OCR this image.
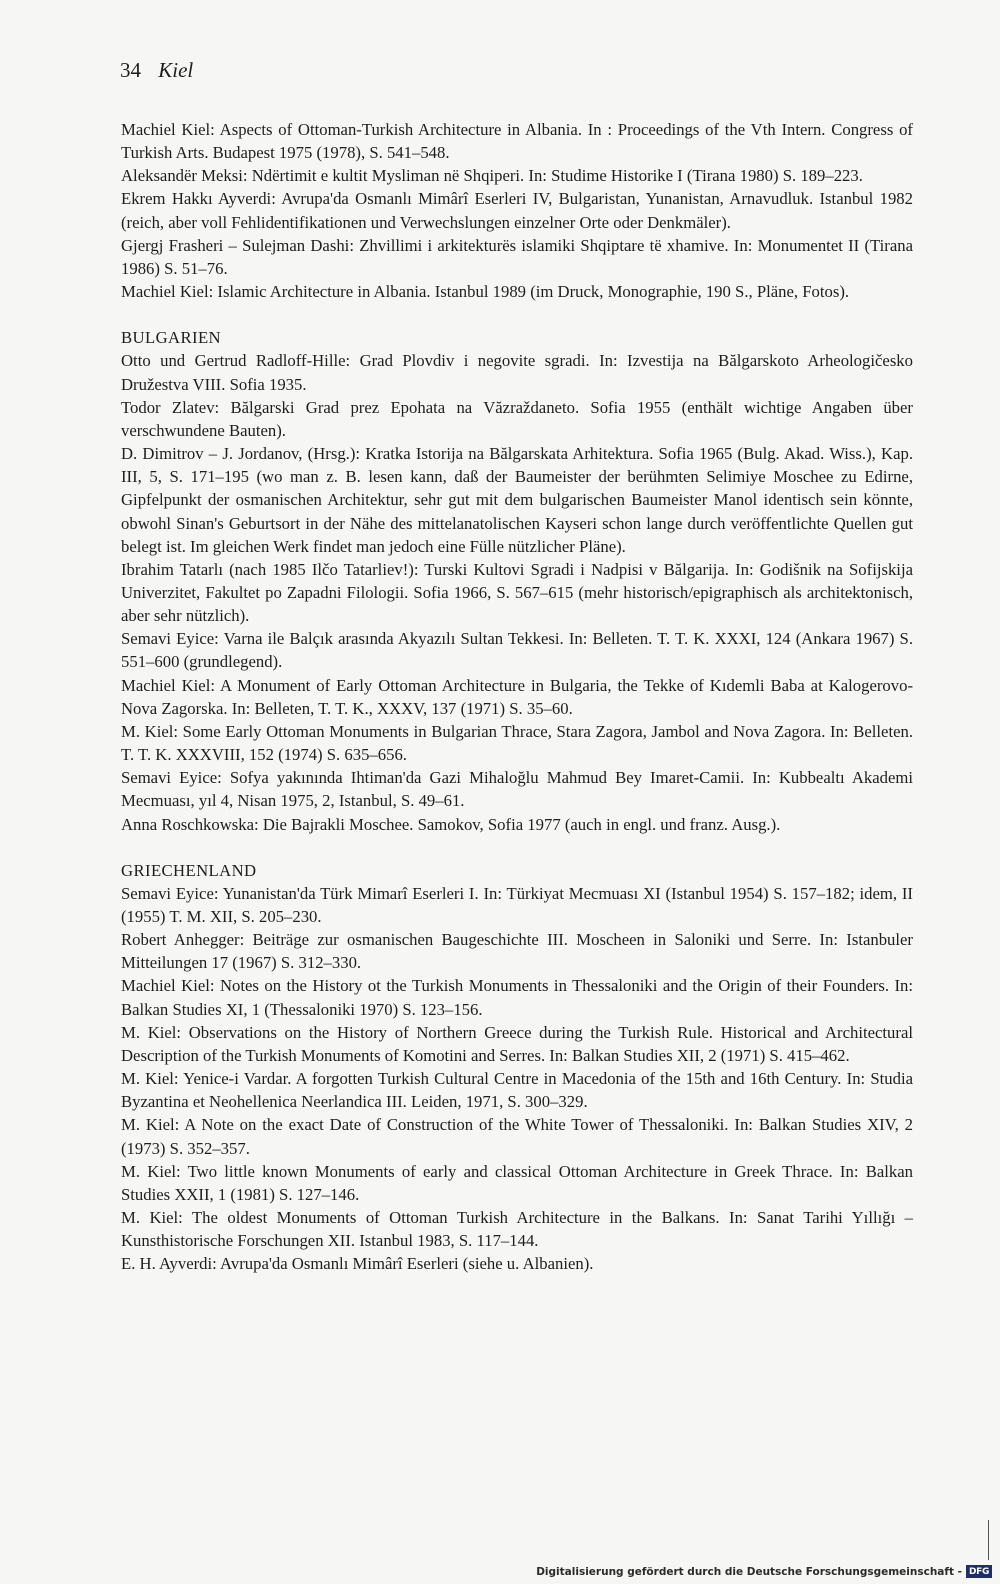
34 Kiel

Machiel Kiel: Aspects of Ottoman-Turkish Architecture in Albania. In : Proceedings of the Vth Intern. Congress of Turkish Arts. Budapest 1975 (1978), S. 541–548.

Aleksandër Meksi: Ndërtimit e kultit Mysliman në Shqiperi. In: Studime Historike I (Tirana 1980) S. 189–223.

Ekrem Hakkı Ayverdi: Avrupa'da Osmanlı Mimârî Eserleri IV, Bulgaristan, Yunanistan, Arnavudluk. Istanbul 1982 (reich, aber voll Fehlidentifikationen und Verwechslungen einzelner Orte oder Denkmäler).

Gjergj Frasheri – Sulejman Dashi: Zhvillimi i arkitekturës islamiki Shqiptare të xhamive. In: Monumentet II (Tirana 1986) S. 51–76.

Machiel Kiel: Islamic Architecture in Albania. Istanbul 1989 (im Druck, Monographie, 190 S., Pläne, Fotos).

BULGARIEN

Otto und Gertrud Radloff-Hille: Grad Plovdiv i negovite sgradi. In: Izvestija na Bălgarskoto Arheologičesko Družestva VIII. Sofia 1935.

Todor Zlatev: Bălgarski Grad prez Epohata na Văzraždaneto. Sofia 1955 (enthält wichtige Angaben über verschwundene Bauten).

D. Dimitrov – J. Jordanov, (Hrsg.): Kratka Istorija na Bălgarskata Arhitektura. Sofia 1965 (Bulg. Akad. Wiss.), Kap. III, 5, S. 171–195 (wo man z. B. lesen kann, daß der Baumeister der berühmten Selimiye Moschee zu Edirne, Gipfelpunkt der osmanischen Architektur, sehr gut mit dem bulgarischen Baumeister Manol identisch sein könnte, obwohl Sinan's Geburtsort in der Nähe des mittelanatolischen Kayseri schon lange durch veröffentlichte Quellen gut belegt ist. Im gleichen Werk findet man jedoch eine Fülle nützlicher Pläne).

Ibrahim Tatarlı (nach 1985 Ilčo Tatarliev!): Turski Kultovi Sgradi i Nadpisi v Bălgarija. In: Godišnik na Sofijskija Univerzitet, Fakultet po Zapadni Filologii. Sofia 1966, S. 567–615 (mehr historisch/epigraphisch als architektonisch, aber sehr nützlich).

Semavi Eyice: Varna ile Balçık arasında Akyazılı Sultan Tekkesi. In: Belleten. T. T. K. XXXI, 124 (Ankara 1967) S. 551–600 (grundlegend).

Machiel Kiel: A Monument of Early Ottoman Architecture in Bulgaria, the Tekke of Kıdemli Baba at Kalogerovo-Nova Zagorska. In: Belleten, T. T. K., XXXV, 137 (1971) S. 35–60.

M. Kiel: Some Early Ottoman Monuments in Bulgarian Thrace, Stara Zagora, Jambol and Nova Zagora. In: Belleten. T. T. K. XXXVIII, 152 (1974) S. 635–656.

Semavi Eyice: Sofya yakınında Ihtiman'da Gazi Mihaloğlu Mahmud Bey Imaret-Camii. In: Kubbealtı Akademi Mecmuası, yıl 4, Nisan 1975, 2, Istanbul, S. 49–61.

Anna Roschkowska: Die Bajrakli Moschee. Samokov, Sofia 1977 (auch in engl. und franz. Ausg.).

GRIECHENLAND

Semavi Eyice: Yunanistan'da Türk Mimarî Eserleri I. In: Türkiyat Mecmuası XI (Istanbul 1954) S. 157–182; idem, II (1955) T. M. XII, S. 205–230.

Robert Anhegger: Beiträge zur osmanischen Baugeschichte III. Moscheen in Saloniki und Serre. In: Istanbuler Mitteilungen 17 (1967) S. 312–330.

Machiel Kiel: Notes on the History ot the Turkish Monuments in Thessaloniki and the Origin of their Founders. In: Balkan Studies XI, 1 (Thessaloniki 1970) S. 123–156.

M. Kiel: Observations on the History of Northern Greece during the Turkish Rule. Historical and Architectural Description of the Turkish Monuments of Komotini and Serres. In: Balkan Studies XII, 2 (1971) S. 415–462.

M. Kiel: Yenice-i Vardar. A forgotten Turkish Cultural Centre in Macedonia of the 15th and 16th Century. In: Studia Byzantina et Neohellenica Neerlandica III. Leiden, 1971, S. 300–329.

M. Kiel: A Note on the exact Date of Construction of the White Tower of Thessaloniki. In: Balkan Studies XIV, 2 (1973) S. 352–357.

M. Kiel: Two little known Monuments of early and classical Ottoman Architecture in Greek Thrace. In: Balkan Studies XXII, 1 (1981) S. 127–146.

M. Kiel: The oldest Monuments of Ottoman Turkish Architecture in the Balkans. In: Sanat Tarihi Yıllığı – Kunsthistorische Forschungen XII. Istanbul 1983, S. 117–144.

E. H. Ayverdi: Avrupa'da Osmanlı Mimârî Eserleri (siehe u. Albanien).

Digitalisierung gefördert durch die Deutsche Forschungsgemeinschaft - DFG
